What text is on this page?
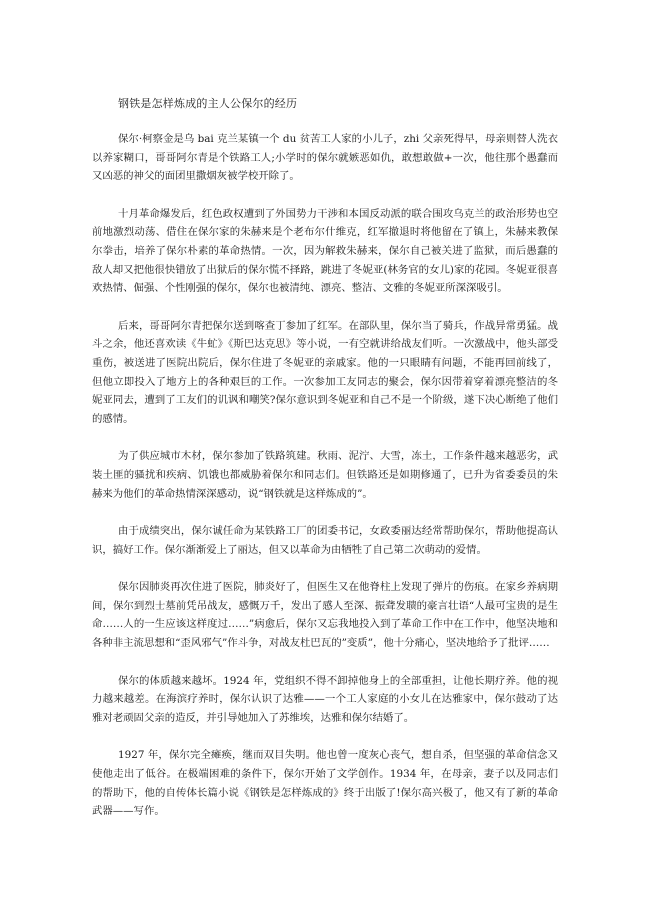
钢铁是怎样炼成的主人公保尔的经历

保尔·柯察金是乌 bai 克兰某镇一个 du 贫苦工人家的小儿子，zhi 父亲死得早，母亲则替人洗衣以养家糊口，哥哥阿尔青是个铁路工人;小学时的保尔就嫉恶如仇，敢想敢做+一次，他往那个愚蠢而又凶恶的神父的面团里撒烟灰被学校开除了。

十月革命爆发后，红色政权遭到了外国势力干涉和本国反动派的联合围攻乌克兰的政治形势也空前地激烈动荡、借住在保尔家的朱赫来是个老布尔什维克，红军撤退时将他留在了镇上，朱赫来教保尔拳击，培养了保尔朴素的革命热情。一次，因为解救朱赫来，保尔自己被关进了监狱，而后愚蠢的敌人却又把他很快错放了出狱后的保尔慌不择路，跳进了冬妮亚(林务官的女儿)家的花园。冬妮亚很喜欢热情、倔强、个性刚强的保尔，保尔也被清纯、漂亮、整洁、文雅的冬妮亚所深深吸引。

后来，哥哥阿尔青把保尔送到喀查丁参加了红军。在部队里，保尔当了骑兵，作战异常勇猛。战斗之余，他还喜欢读《牛虻》《斯巴达克思》等小说，一有空就讲给战友们听。一次激战中，他头部受重伤，被送进了医院出院后，保尔住进了冬妮亚的亲戚家。他的一只眼睛有问题，不能再回前线了，但他立即投入了地方上的各种艰巨的工作。一次参加工友同志的聚会，保尔因带着穿着漂亮整洁的冬妮亚同去，遭到了工友们的讥讽和嘲笑?保尔意识到冬妮亚和自己不是一个阶级，遂下决心断绝了他们的感情。

为了供应城市木材，保尔参加了铁路筑建。秋雨、泥泞、大雪，冻土，工作条件越来越恶劣，武装土匪的骚扰和疾病、饥饿也都威胁着保尔和同志们。但铁路还是如期修通了，已升为省委委员的朱赫来为他们的革命热情深深感动，说“钢铁就是这样炼成的”。

由于成绩突出，保尔诚任命为某铁路工厂的团委书记，女政委丽达经常帮助保尔，帮助他提高认识，搞好工作。保尔渐渐爱上了丽达，但又以革命为由牺牲了自己第二次萌动的爱情。

保尔因肺炎再次住进了医院，肺炎好了，但医生又在他脊柱上发现了弹片的伤痕。在家乡养病期间，保尔到烈士墓前凭吊战友，感慨万千，发出了感人至深、振聋发聩的豪言壮语“人最可宝贵的是生命……人的一生应该这样度过……”病愈后，保尔又忘我地投入到了革命工作中在工作中，他坚决地和各种非主流思想和“歪风邪气”作斗争，对战友杜巴瓦的”变质”，他十分痛心，坚决地给予了批评……

保尔的体质越来越坏。1924 年，党组织不得不卸掉他身上的全部重担，让他长期疗养。他的视力越来越差。在海滨疗养时，保尔认识了达雅——一个工人家庭的小女儿在达雅家中，保尔鼓动了达雅对老顽固父亲的造反，并引导她加入了苏维埃，达雅和保尔结婚了。

1927 年，保尔完全瘫痪，继而双目失明。他也曾一度灰心丧气，想自杀，但坚强的革命信念又使他走出了低谷。在极端困难的条件下，保尔开始了文学创作。1934 年，在母亲，妻子以及同志们的帮助下，他的自传体长篇小说《钢铁是怎样炼成的》终于出版了!保尔高兴极了，他又有了新的革命武器——写作。
